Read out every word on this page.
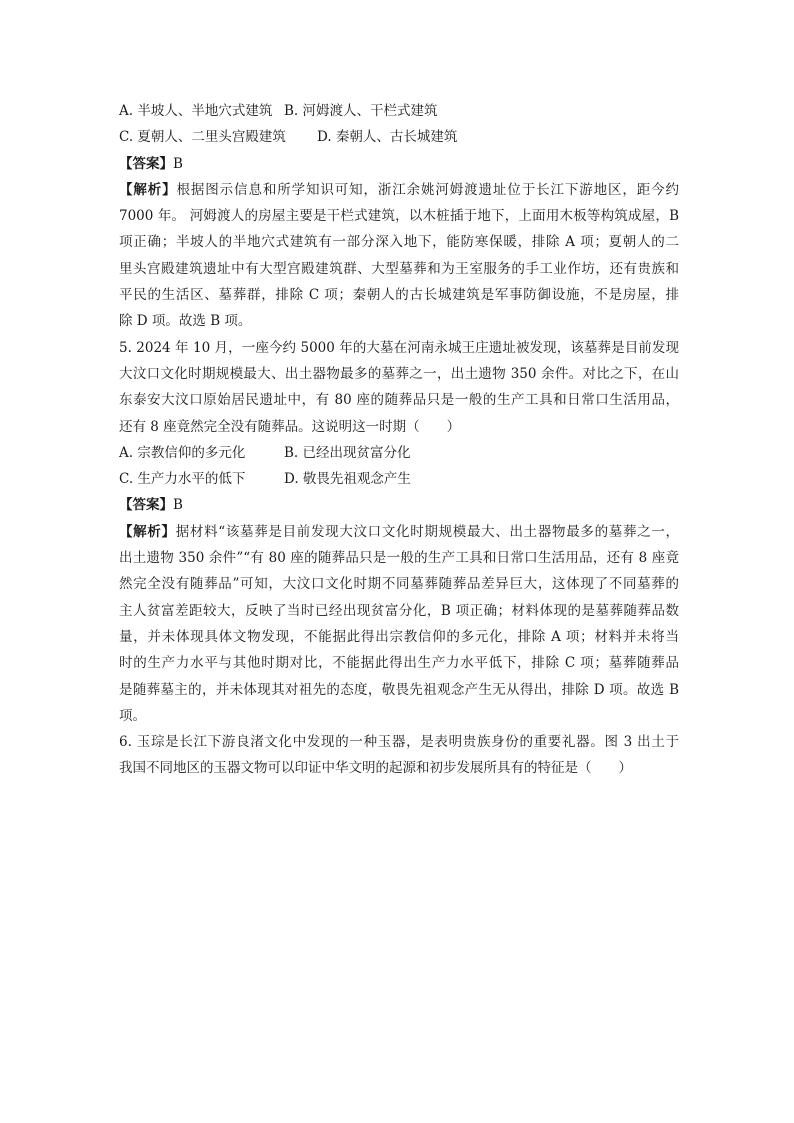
A. 半坡人、半地穴式建筑 B. 河姆渡人、干栏式建筑
C. 夏朝人、二里头宫殿建筑	D. 秦朝人、古长城建筑
【答案】B
【解析】根据图示信息和所学知识可知，浙江余姚河姆渡遗址位于长江下游地区，距今约
7000 年。 河姆渡人的房屋主要是干栏式建筑，以木桩插于地下，上面用木板等构筑成屋，B
项正确；半坡人的半地穴式建筑有一部分深入地下，能防寒保暖，排除 A 项；夏朝人的二
里头宫殿建筑遗址中有大型宫殿建筑群、大型墓葬和为王室服务的手工业作坊，还有贵族和
平民的生活区、墓葬群，排除 C 项；秦朝人的古长城建筑是军事防御设施，不是房屋，排
除 D 项。故选 B 项。
5. 2024 年 10 月，一座今约 5000 年的大墓在河南永城王庄遗址被发现，该墓葬是目前发现
大汶口文化时期规模最大、出土器物最多的墓葬之一，出土遗物 350 余件。对比之下，在山
东泰安大汶口原始居民遗址中，有 80 座的随葬品只是一般的生产工具和日常口生活用品，
还有 8 座竟然完全没有随葬品。这说明这一时期（　　）
A. 宗教信仰的多元化	B. 已经出现贫富分化
C. 生产力水平的低下	D. 敬畏先祖观念产生
【答案】B
【解析】据材料“该墓葬是目前发现大汶口文化时期规模最大、出土器物最多的墓葬之一，
出土遗物 350 余件”“有 80 座的随葬品只是一般的生产工具和日常口生活用品，还有 8 座竟
然完全没有随葬品”可知，大汶口文化时期不同墓葬随葬品差异巨大，这体现了不同墓葬的
主人贫富差距较大，反映了当时已经出现贫富分化，B 项正确；材料体现的是墓葬随葬品数
量，并未体现具体文物发现，不能据此得出宗教信仰的多元化，排除 A 项；材料并未将当
时的生产力水平与其他时期对比，不能据此得出生产力水平低下，排除 C 项；墓葬随葬品
是随葬墓主的，并未体现其对祖先的态度，敬畏先祖观念产生无从得出，排除 D 项。故选 B
项。
6. 玉琮是长江下游良渚文化中发现的一种玉器，是表明贵族身份的重要礼器。图 3 出土于
我国不同地区的玉器文物可以印证中华文明的起源和初步发展所具有的特征是（　　）
